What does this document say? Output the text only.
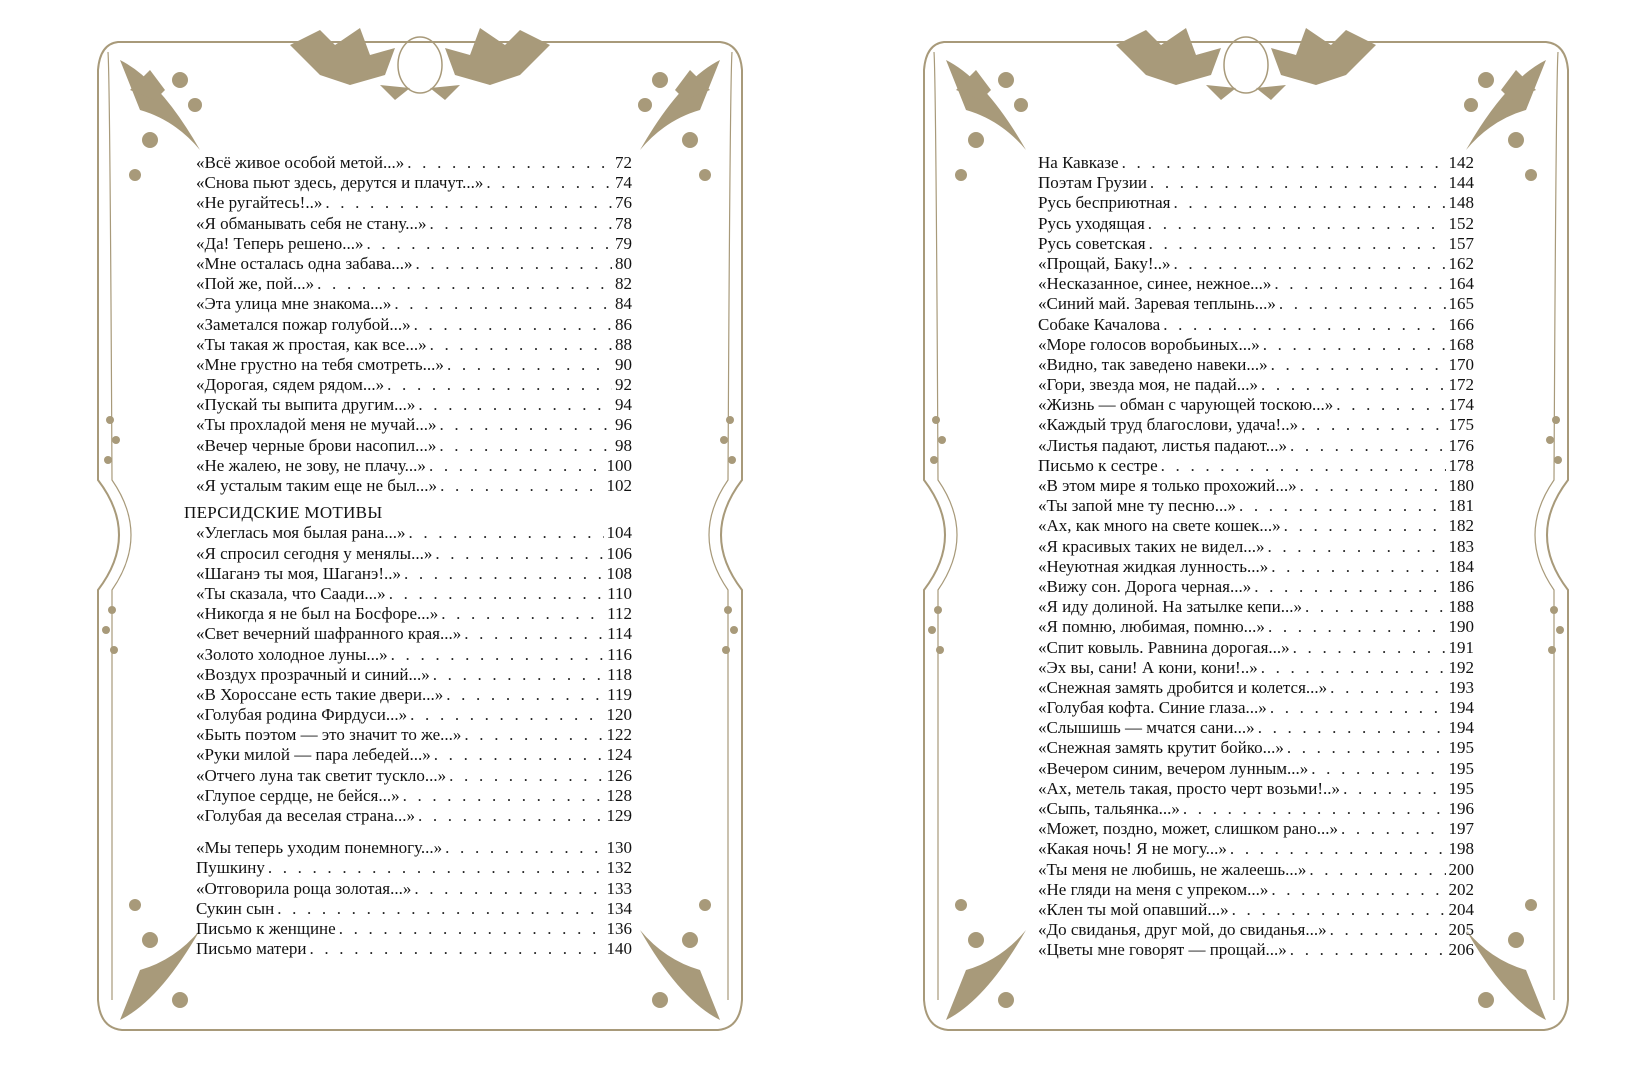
«Всё живое особой метой...» . . .	72
«Снова пьют здесь, дерутся и плачут...» . . .	74
«Не ругайтесь!..» . . .	76
«Я обманывать себя не стану...» . . .	78
«Да! Теперь решено...» . . .	79
«Мне осталась одна забава...» . . .	80
«Пой же, пой...» . . .	82
«Эта улица мне знакома...» . . .	84
«Заметался пожар голубой...» . . .	86
«Ты такая ж простая, как все...» . . .	88
«Мне грустно на тебя смотреть...» . . .	90
«Дорогая, сядем рядом...» . . .	92
«Пускай ты выпита другим...» . . .	94
«Ты прохладой меня не мучай...» . . .	96
«Вечер черные брови насопил...» . . .	98
«Не жалею, не зову, не плачу...» . . .	100
«Я усталым таким еще не был...» . . .	102
ПЕРСИДСКИЕ МОТИВЫ
«Улеглась моя былая рана...» . . .	104
«Я спросил сегодня у менялы...» . . .	106
«Шаганэ ты моя, Шаганэ!..» . . .	108
«Ты сказала, что Саади...» . . .	110
«Никогда я не был на Босфоре...» . . .	112
«Свет вечерний шафранного края...» . . .	114
«Золото холодное луны...» . . .	116
«Воздух прозрачный и синий...» . . .	118
«В Хороссане есть такие двери...» . . .	119
«Голубая родина Фирдуси...» . . .	120
«Быть поэтом — это значит то же...» . . .	122
«Руки милой — пара лебедей...» . . .	124
«Отчего луна так светит тускло...» . . .	126
«Глупое сердце, не бейся...» . . .	128
«Голубая да веселая страна...» . . .	129
«Мы теперь уходим понемногу...» . . .	130
Пушкину . . .	132
«Отговорила роща золотая...» . . .	133
Сукин сын . . .	134
Письмо к женщине . . .	136
Письмо матери . . .	140
На Кавказе . . .	142
Поэтам Грузии . . .	144
Русь бесприютная . . .	148
Русь уходящая . . .	152
Русь советская . . .	157
«Прощай, Баку!..» . . .	162
«Несказанное, синее, нежное...» . . .	164
«Синий май. Заревая теплынь...» . . .	165
Собаке Качалова . . .	166
«Море голосов воробьиных...» . . .	168
«Видно, так заведено навеки...» . . .	170
«Гори, звезда моя, не падай...» . . .	172
«Жизнь — обман с чарующей тоскою...» . . .	174
«Каждый труд благослови, удача!..» . . .	175
«Листья падают, листья падают...» . . .	176
Письмо к сестре . . .	178
«В этом мире я только прохожий...» . . .	180
«Ты запой мне ту песню...» . . .	181
«Ах, как много на свете кошек...» . . .	182
«Я красивых таких не видел...» . . .	183
«Неуютная жидкая лунность...» . . .	184
«Вижу сон. Дорога черная...» . . .	186
«Я иду долиной. На затылке кепи...» . . .	188
«Я помню, любимая, помню...» . . .	190
«Спит ковыль. Равнина дорогая...» . . .	191
«Эх вы, сани! А кони, кони!..» . . .	192
«Снежная замять дробится и колется...» . . .	193
«Голубая кофта. Синие глаза...» . . .	194
«Слышишь — мчатся сани...» . . .	194
«Снежная замять крутит бойко...» . . .	195
«Вечером синим, вечером лунным...» . . .	195
«Ах, метель такая, просто черт возьми!..» . . .	195
«Сыпь, тальянка...» . . .	196
«Может, поздно, может, слишком рано...» . . .	197
«Какая ночь! Я не могу...» . . .	198
«Ты меня не любишь, не жалеешь...» . . .	200
«Не гляди на меня с упреком...» . . .	202
«Клен ты мой опавший...» . . .	204
«До свиданья, друг мой, до свиданья...» . . .	205
«Цветы мне говорят — прощай...» . . .	206
